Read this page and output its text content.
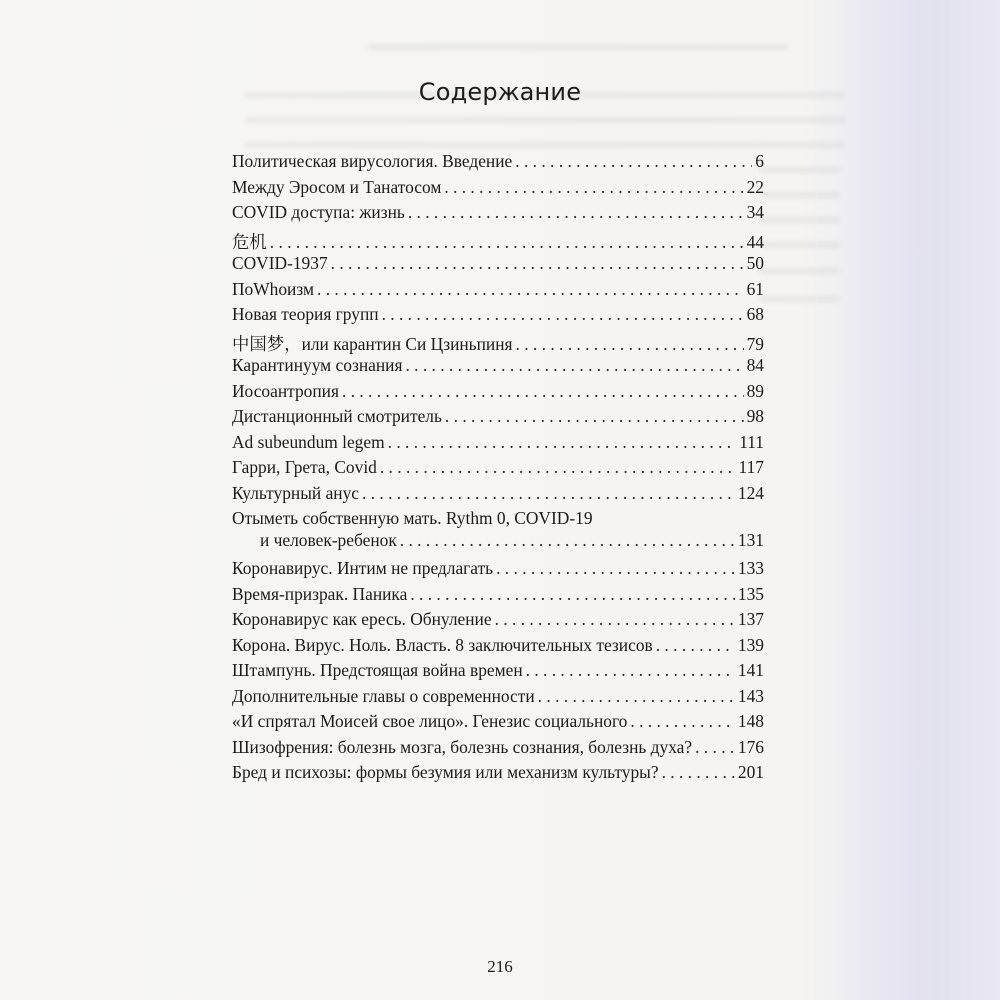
Содержание
Политическая вирусология. Введение . . .	6
Между Эросом и Танатосом . . .	22
COVID доступа: жизнь . . .	34
危机 . . .	44
COVID-1937 . . .	50
ПоWhoизм . . .	61
Новая теория групп . . .	68
中国梦，или карантин Си Цзиньпиня . . .	79
Карантинуум сознания . . .	84
Иосоантропия . . .	89
Дистанционный смотритель . . .	98
Ad subeundum legem . . .	111
Гарри, Грета, Covid . . .	117
Культурный анус . . .	124
Отыметь собственную мать. Rythm 0, COVID-19
и человек-ребенок . . .	131
Коронавирус. Интим не предлагать . . .	133
Время-призрак. Паника . . .	135
Коронавирус как ересь. Обнуление . . .	137
Корона. Вирус. Ноль. Власть. 8 заключительных тезисов . . .	139
Штампунь. Предстоящая война времен . . .	141
Дополнительные главы о современности . . .	143
«И спрятал Моисей свое лицо». Генезис социального . . .	148
Шизофрения: болезнь мозга, болезнь сознания, болезнь духа? . . .	176
Бред и психозы: формы безумия или механизм культуры? . . .	201
216
